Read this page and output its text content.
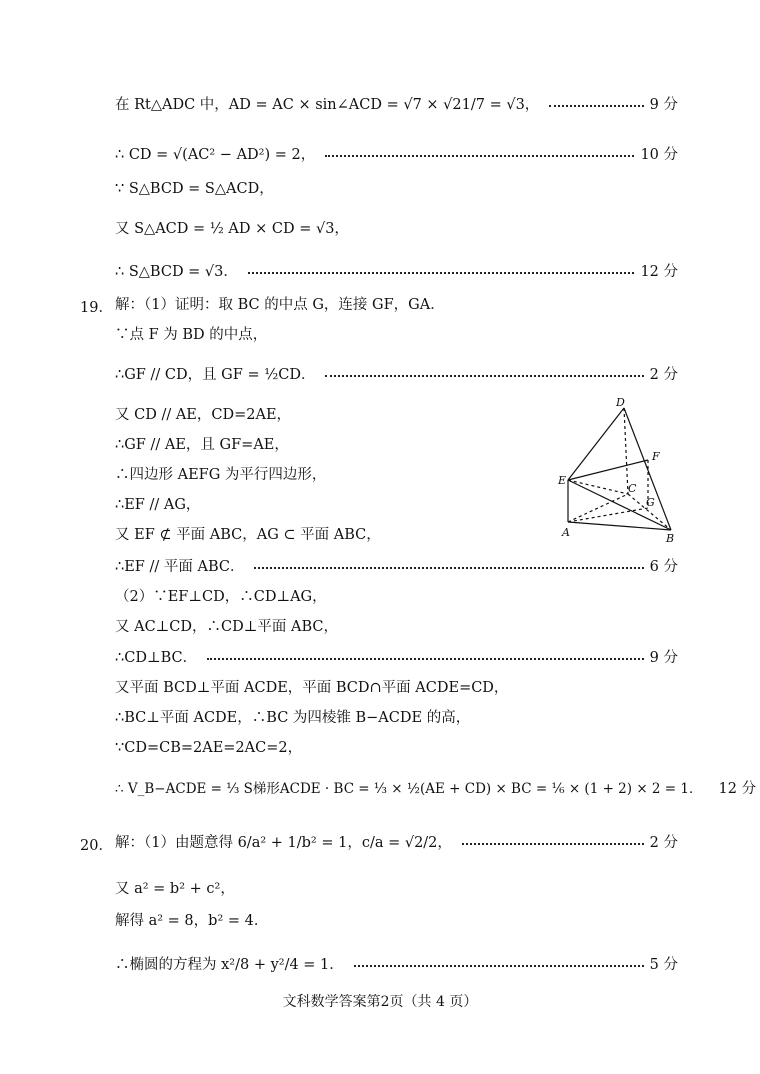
在 Rt△ADC 中，AD = AC × sin∠ACD = √7 × √21/7 = √3，	9 分
∴ CD = √(AC² − AD²) = 2，	10 分
∵ S△BCD = S△ACD，
又 S△ACD = ½ AD × CD = √3，
∴ S△BCD = √3．	12 分
19． 解：（1）证明：取 BC 的中点 G，连接 GF，GA．
∵点 F 为 BD 的中点，
∴GF // CD，且 GF = ½CD．	2 分
又 CD // AE，CD=2AE，
∴GF // AE，且 GF=AE，
∴四边形 AEFG 为平行四边形，
∴EF // AG，
又 EF ⊄ 平面 ABC，AG ⊂ 平面 ABC，
∴EF // 平面 ABC．	6 分
（2）∵EF⊥CD，∴CD⊥AG，
又 AC⊥CD，∴CD⊥平面 ABC，
∴CD⊥BC．	9 分
又平面 BCD⊥平面 ACDE，平面 BCD∩平面 ACDE=CD，
∴BC⊥平面 ACDE，∴BC 为四棱锥 B−ACDE 的高，
∵CD=CB=2AE=2AC=2，
∴ V_B−ACDE = ⅓ S梯形ACDE · BC = ⅓ × ½(AE + CD) × BC = ⅙ × (1 + 2) × 2 = 1． 12 分
20． 解：（1）由题意得 6/a² + 1/b² = 1，c/a = √2/2，	2 分
又 a² = b² + c²，
解得 a² = 8，b² = 4．
∴椭圆的方程为 x²/8 + y²/4 = 1．	5 分
D
F
E
C
G
A	B
文科数学答案第2页（共 4 页）
